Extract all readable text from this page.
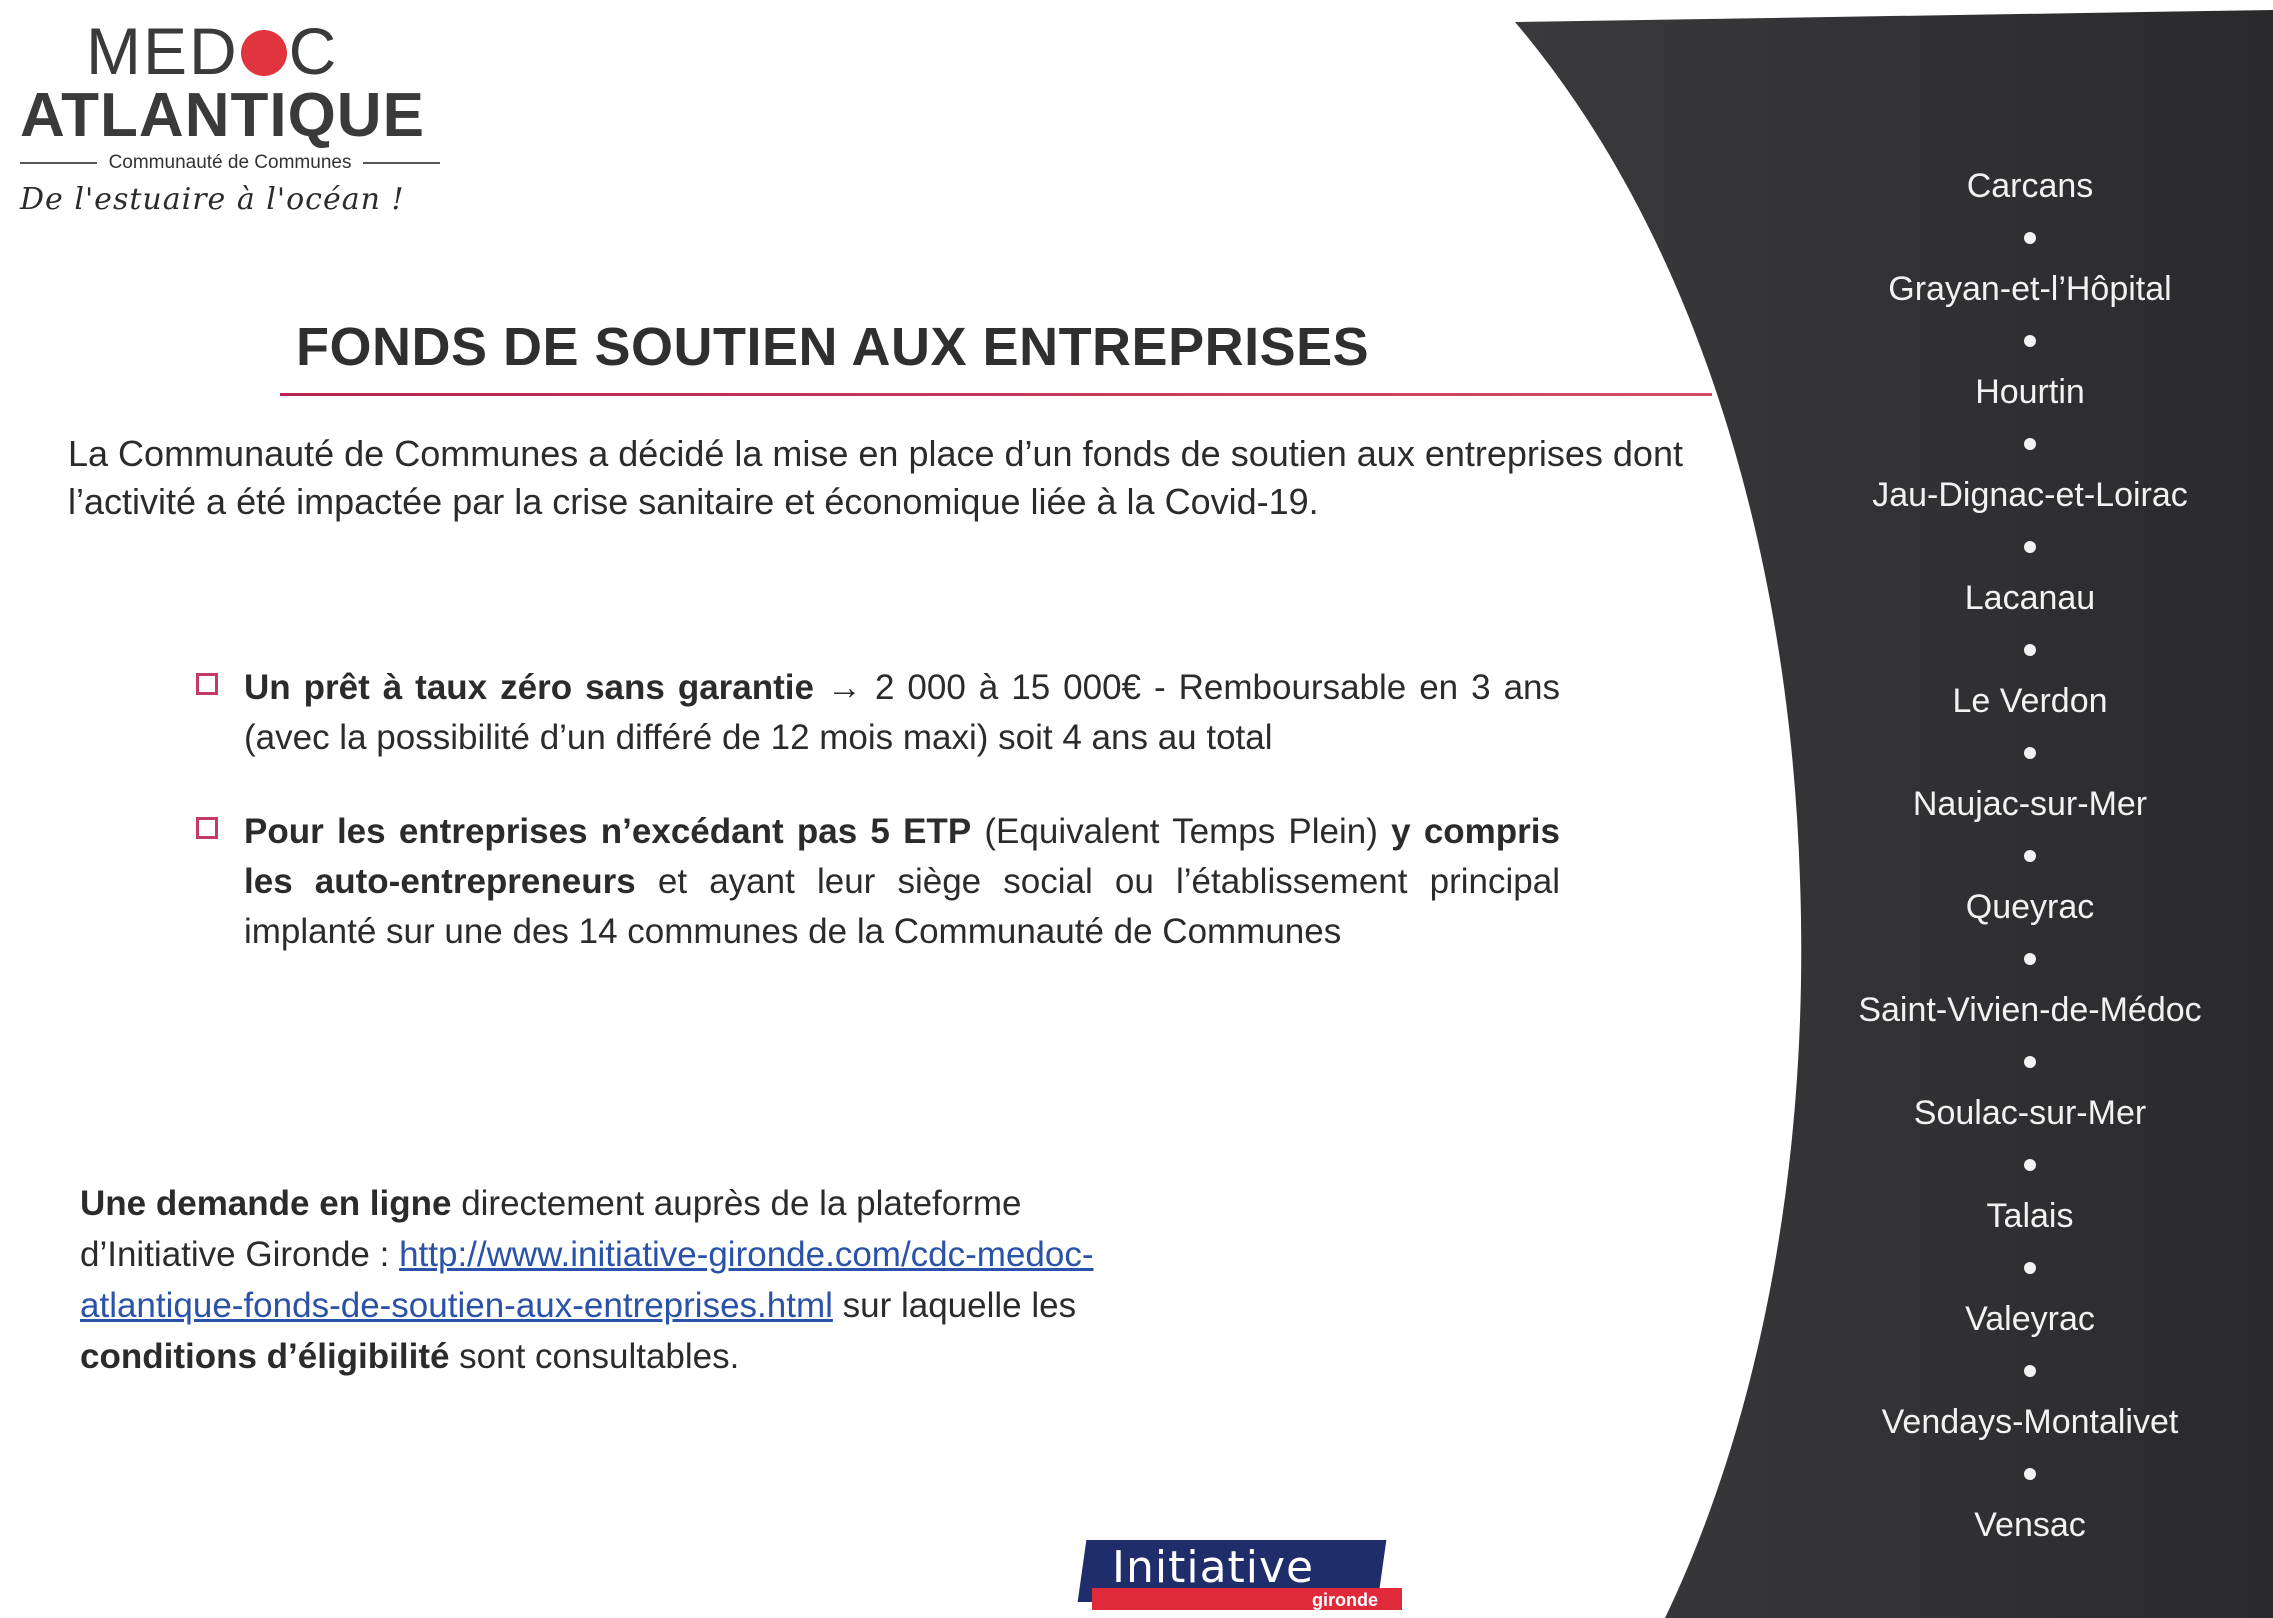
MED C
ATLANTIQUE
Communauté de Communes
De l'estuaire à l'océan !
FONDS DE SOUTIEN AUX ENTREPRISES
La Communauté de Communes a décidé la mise en place d’un fonds de soutien aux entreprises dont l’activité a été impactée par la crise sanitaire et économique liée à la Covid-19.
Un prêt à taux zéro sans garantie → 2 000 à 15 000€ - Remboursable en 3 ans (avec la possibilité d’un différé de 12 mois maxi) soit 4 ans au total
Pour les entreprises n’excédant pas 5 ETP (Equivalent Temps Plein) y compris les auto-entrepreneurs et ayant leur siège social ou l’établissement principal implanté sur une des 14 communes de la Communauté de Communes
Une demande en ligne directement auprès de la plateforme d’Initiative Gironde : http://www.initiative-gironde.com/cdc-medoc-atlantique-fonds-de-soutien-aux-entreprises.html sur laquelle les conditions d’éligibilité sont consultables.
Carcans
Grayan-et-l’Hôpital
Hourtin
Jau-Dignac-et-Loirac
Lacanau
Le Verdon
Naujac-sur-Mer
Queyrac
Saint-Vivien-de-Médoc
Soulac-sur-Mer
Talais
Valeyrac
Vendays-Montalivet
Vensac
Initiative
gironde
